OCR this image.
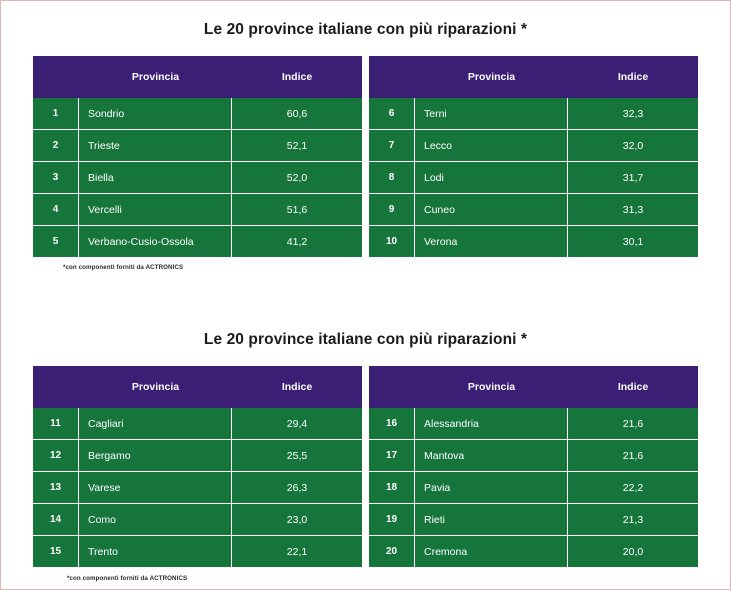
Le 20 province italiane con più riparazioni *
	Provincia	Indice
1	Sondrio	60,6
2	Trieste	52,1
3	Biella	52,0
4	Vercelli	51,6
5	Verbano-Cusio-Ossola	41,2
	Provincia	Indice
6	Terni	32,3
7	Lecco	32,0
8	Lodi	31,7
9	Cuneo	31,3
10	Verona	30,1
*con componenti forniti da ACTRONICS
Le 20 province italiane con più riparazioni *
	Provincia	Indice
11	Cagliari	29,4
12	Bergamo	25,5
13	Varese	26,3
14	Como	23,0
15	Trento	22,1
	Provincia	Indice
16	Alessandria	21,6
17	Mantova	21,6
18	Pavia	22,2
19	Rieti	21,3
20	Cremona	20,0
*con componenti forniti da ACTRONICS
